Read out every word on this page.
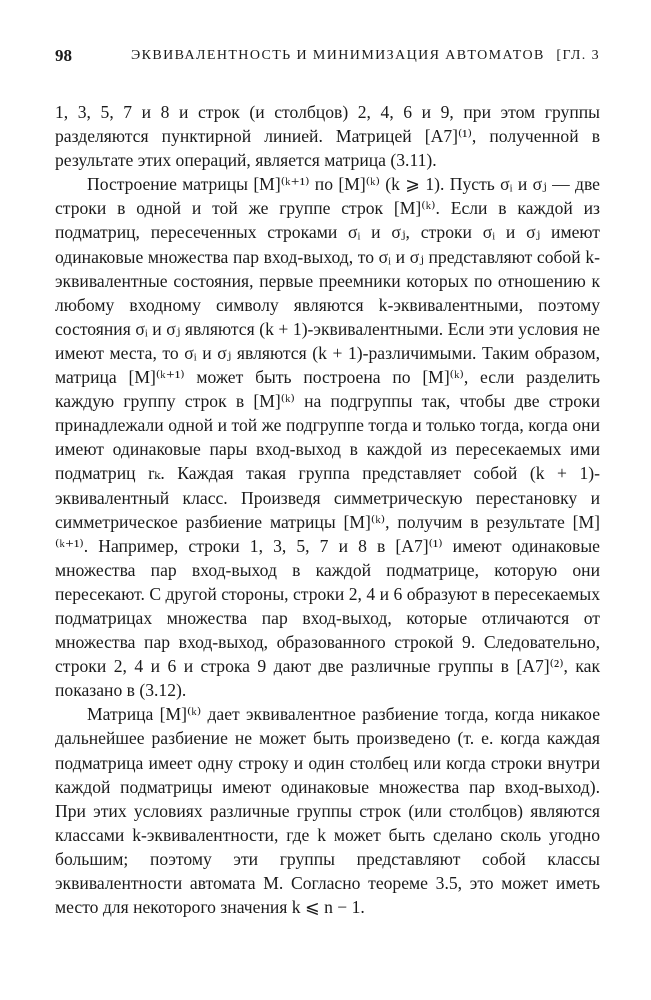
98	ЭКВИВАЛЕНТНОСТЬ И МИНИМИЗАЦИЯ АВТОМАТОВ [ГЛ. 3

1, 3, 5, 7 и 8 и строк (и столбцов) 2, 4, 6 и 9, при этом группы разделяются пунктирной линией. Матрицей [A7]⁽¹⁾, полученной в результате этих операций, является матрица (3.11).

Построение матрицы [M]⁽ᵏ⁺¹⁾ по [M]⁽ᵏ⁾ (k ⩾ 1). Пусть σᵢ и σⱼ — две строки в одной и той же группе строк [M]⁽ᵏ⁾. Если в каждой из подматриц, пересеченных строками σᵢ и σⱼ, строки σᵢ и σⱼ имеют одинаковые множества пар вход-выход, то σᵢ и σⱼ представляют собой k-эквивалентные состояния, первые преемники которых по отношению к любому входному символу являются k-эквивалентными, поэтому состояния σᵢ и σⱼ являются (k + 1)-эквивалентными. Если эти условия не имеют места, то σᵢ и σⱼ являются (k + 1)-различимыми. Таким образом, матрица [M]⁽ᵏ⁺¹⁾ может быть построена по [M]⁽ᵏ⁾, если разделить каждую группу строк в [M]⁽ᵏ⁾ на подгруппы так, чтобы две строки принадлежали одной и той же подгруппе тогда и только тогда, когда они имеют одинаковые пары вход-выход в каждой из пересекаемых ими подматриц rₖ. Каждая такая группа представляет собой (k + 1)-эквивалентный класс. Произведя симметрическую перестановку и симметрическое разбиение матрицы [M]⁽ᵏ⁾, получим в результате [M]⁽ᵏ⁺¹⁾. Например, строки 1, 3, 5, 7 и 8 в [A7]⁽¹⁾ имеют одинаковые множества пар вход-выход в каждой подматрице, которую они пересекают. С другой стороны, строки 2, 4 и 6 образуют в пересекаемых подматрицах множества пар вход-выход, которые отличаются от множества пар вход-выход, образованного строкой 9. Следовательно, строки 2, 4 и 6 и строка 9 дают две различные группы в [A7]⁽²⁾, как показано в (3.12).

Матрица [M]⁽ᵏ⁾ дает эквивалентное разбиение тогда, когда никакое дальнейшее разбиение не может быть произведено (т. е. когда каждая подматрица имеет одну строку и один столбец или когда строки внутри каждой подматрицы имеют одинаковые множества пар вход-выход). При этих условиях различные группы строк (или столбцов) являются классами k-эквивалентности, где k может быть сделано сколь угодно большим; поэтому эти группы представляют собой классы эквивалентности автомата M. Согласно теореме 3.5, это может иметь место для некоторого значения k ⩽ n − 1.
